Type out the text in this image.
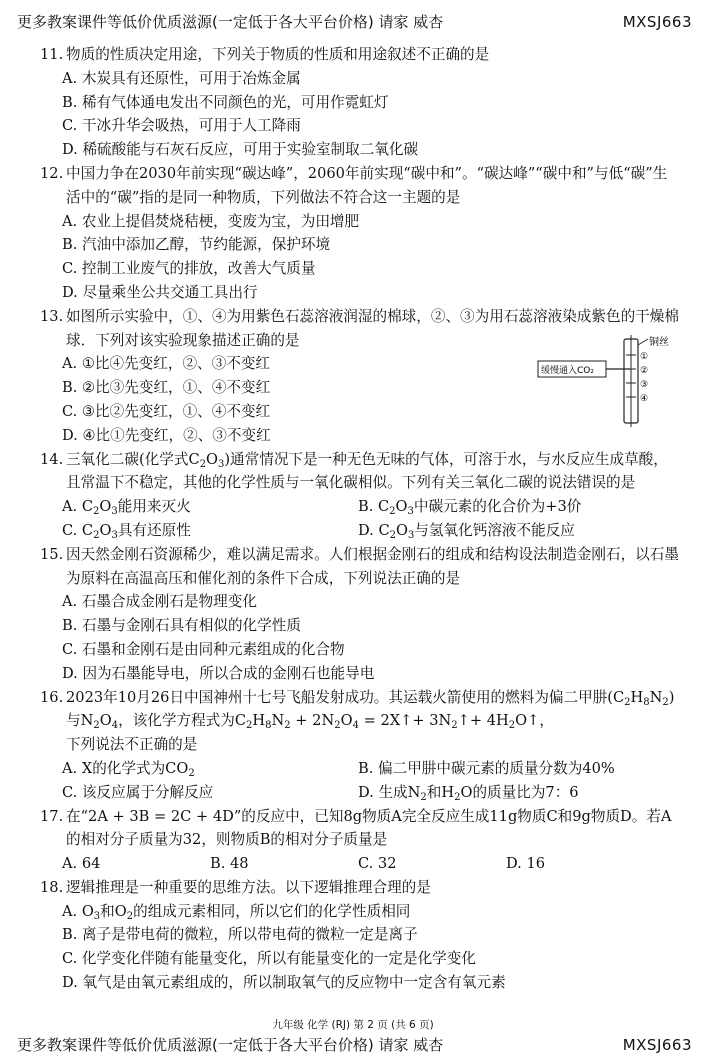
更多教案课件等低价优质滋源(一定低于各大平台价格) 请家 威杏	MXSJ663
11. 物质的性质决定用途，下列关于物质的性质和用途叙述不正确的是
A. 木炭具有还原性，可用于冶炼金属
B. 稀有气体通电发出不同颜色的光，可用作霓虹灯
C. 干冰升华会吸热，可用于人工降雨
D. 稀硫酸能与石灰石反应，可用于实验室制取二氧化碳
12. 中国力争在2030年前实现“碳达峰”，2060年前实现“碳中和”。“碳达峰”“碳中和”与低“碳”生活中的“碳”指的是同一种物质，下列做法不符合这一主题的是
A. 农业上提倡焚烧秸梗，变废为宝，为田增肥
B. 汽油中添加乙醇，节约能源，保护环境
C. 控制工业废气的排放，改善大气质量
D. 尽量乘坐公共交通工具出行
13. 如图所示实验中，①、④为用紫色石蕊溶液润湿的棉球，②、③为用石蕊溶液染成紫色的干燥棉球．下列对该实验现象描述正确的是
A. ①比④先变红，②、③不变红
B. ②比③先变红，①、④不变红
C. ③比②先变红，①、④不变红
D. ④比①先变红，②、③不变红
缓慢通入CO₂
铜丝
①
②
③
④
14. 三氧化二碳(化学式$C_2O_3$)通常情况下是一种无色无味的气体，可溶于水，与水反应生成草酸，且常温下不稳定，其他的化学性质与一氧化碳相似。下列有关三氧化二碳的说法错误的是
A. $C_2O_3$能用来灭火	B. $C_2O_3$中碳元素的化合价为+3价
C. $C_2O_3$具有还原性	D. $C_2O_3$与氢氧化钙溶液不能反应
15. 因天然金刚石资源稀少，难以满足需求。人们根据金刚石的组成和结构设法制造金刚石，以石墨为原料在高温高压和催化剂的条件下合成，下列说法正确的是
A. 石墨合成金刚石是物理变化
B. 石墨与金刚石具有相似的化学性质
C. 石墨和金刚石是由同种元素组成的化合物
D. 因为石墨能导电，所以合成的金刚石也能导电
16. 2023年10月26日中国神州十七号飞船发射成功。其运载火箭使用的燃料为偏二甲肼$(C_2H_8N_2)$与$N_2O_4$，该化学方程式为$C_2H_8N_2 + 2N_2O_4$ = 2X↑+ $3N_2↑+$ $4H_2O↑$，
下列说法不正确的是
A. X的化学式为$CO_2$	B. 偏二甲肼中碳元素的质量分数为40%
C. 该反应属于分解反应	D. 生成$N_2$和$H_2O$的质量比为7：6
17. 在“2A + 3B = 2C + 4D”的反应中，已知8g物质A完全反应生成11g物质C和9g物质D。若A的相对分子质量为32，则物质B的相对分子质量是
A. 64	B. 48	C. 32	D. 16
18. 逻辑推理是一种重要的思维方法。以下逻辑推理合理的是
A. $O_3$和$O_2$的组成元素相同，所以它们的化学性质相同
B. 离子是带电荷的微粒，所以带电荷的微粒一定是离子
C. 化学变化伴随有能量变化，所以有能量变化的一定是化学变化
D. 氧气是由氧元素组成的，所以制取氧气的反应物中一定含有氧元素
九年级 化学 (RJ) 第 2 页 (共 6 页)
更多教案课件等低价优质滋源(一定低于各大平台价格) 请家 威杏	MXSJ663
